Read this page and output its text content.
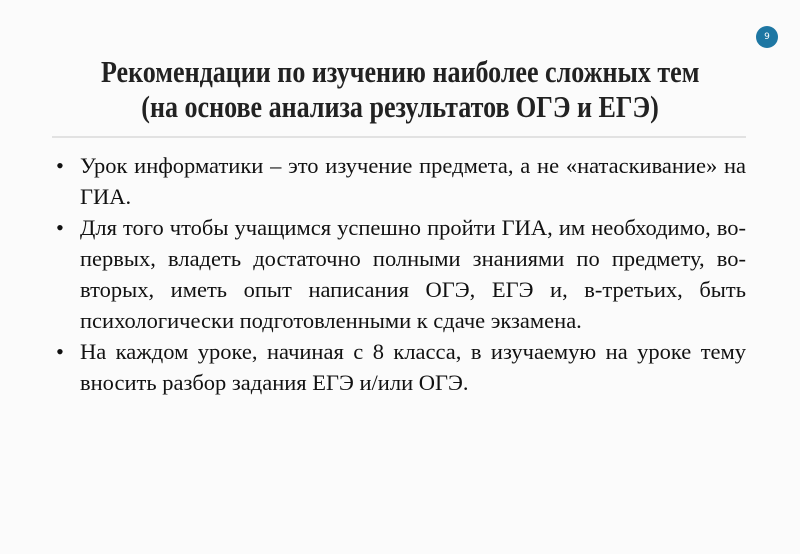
9
Рекомендации по изучению наиболее сложных тем
(на основе анализа результатов ОГЭ и ЕГЭ)
• Урок информатики – это изучение предмета, а не «натаскивание» на ГИА.
• Для того чтобы учащимся успешно пройти ГИА, им необходимо, во-первых, владеть достаточно полными знаниями по предмету, во-вторых, иметь опыт написания ОГЭ, ЕГЭ и, в-третьих, быть психологически подготовленными к сдаче экзамена.
• На каждом уроке, начиная с 8 класса, в изучаемую на уроке тему вносить разбор задания ЕГЭ и/или ОГЭ.
